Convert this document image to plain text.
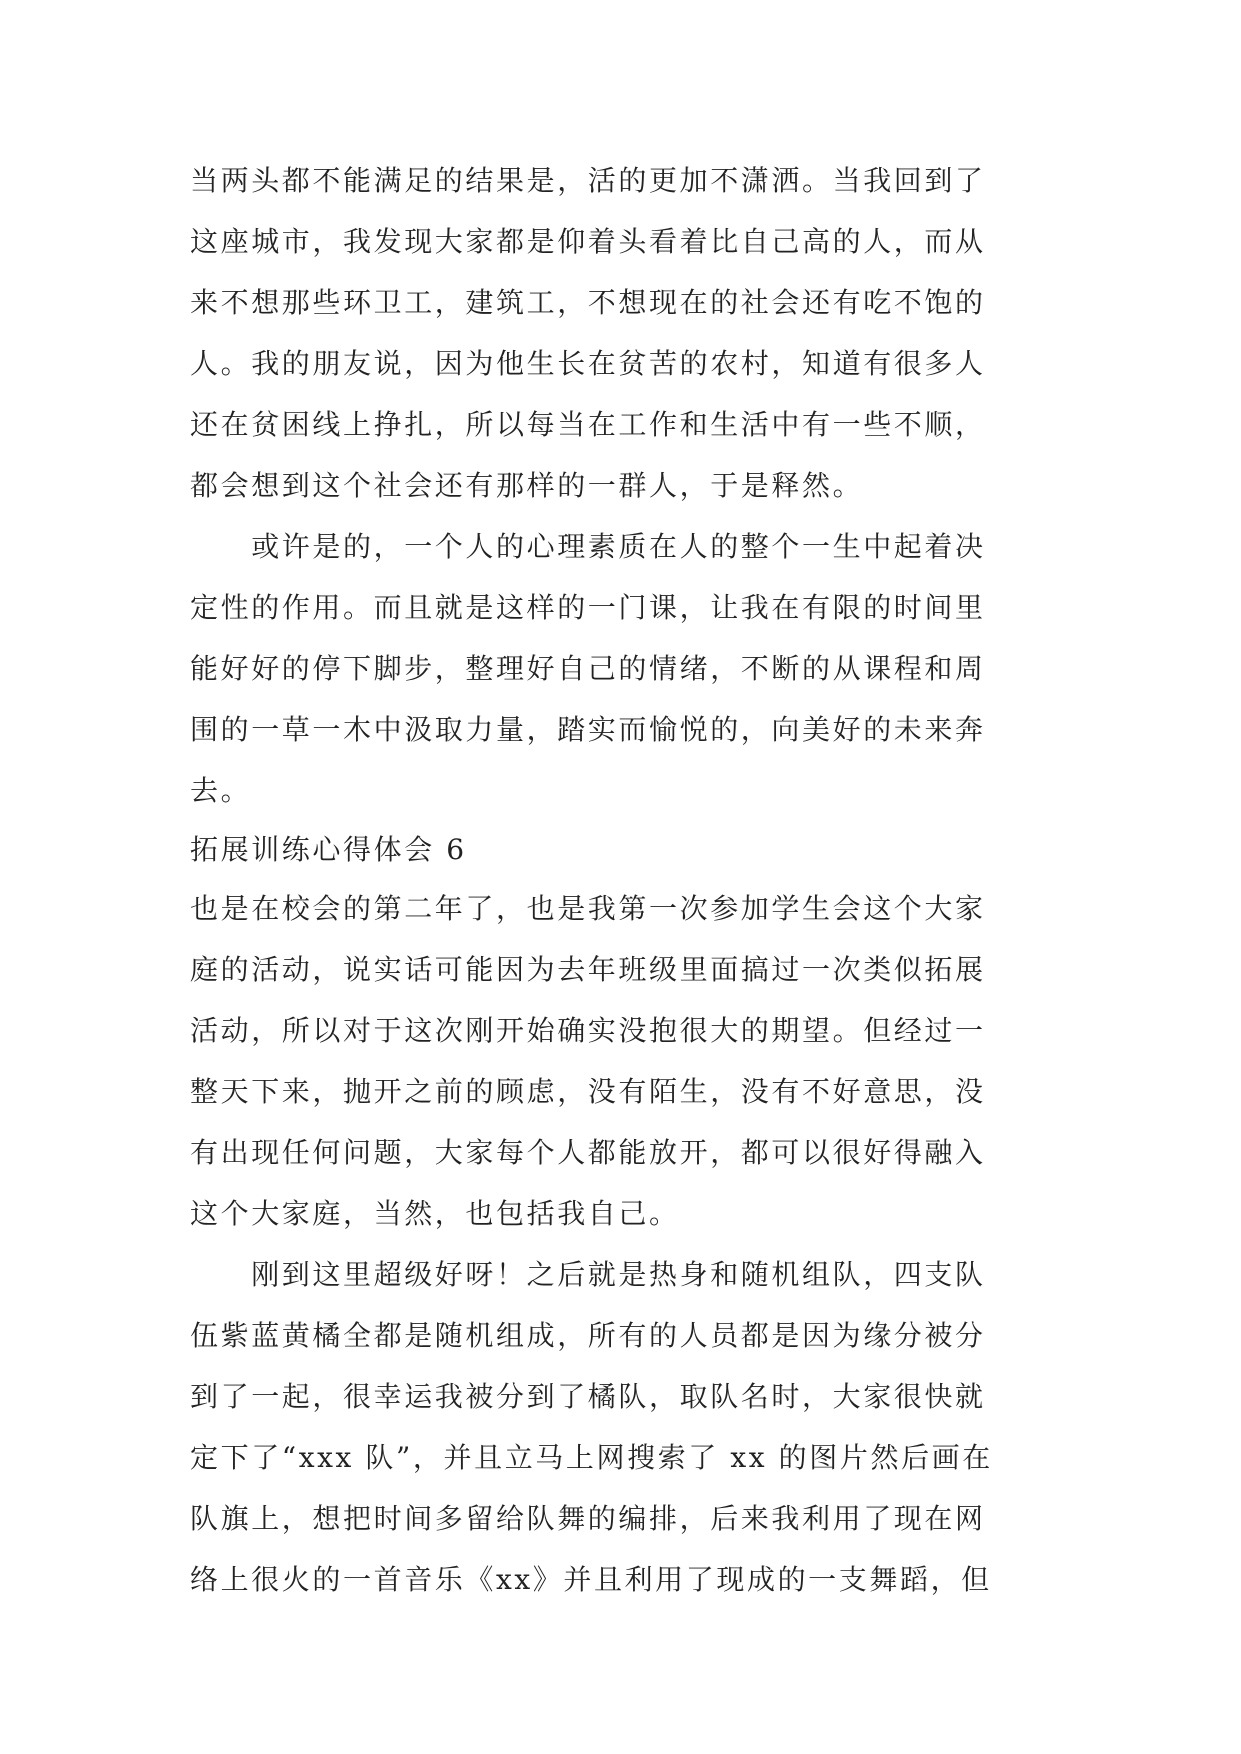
当两头都不能满足的结果是，活的更加不潇洒。当我回到了
这座城市，我发现大家都是仰着头看着比自己高的人，而从
来不想那些环卫工，建筑工，不想现在的社会还有吃不饱的
人。我的朋友说，因为他生长在贫苦的农村，知道有很多人
还在贫困线上挣扎，所以每当在工作和生活中有一些不顺，
都会想到这个社会还有那样的一群人，于是释然。
　　或许是的，一个人的心理素质在人的整个一生中起着决
定性的作用。而且就是这样的一门课，让我在有限的时间里
能好好的停下脚步，整理好自己的情绪，不断的从课程和周
围的一草一木中汲取力量，踏实而愉悦的，向美好的未来奔
去。
拓展训练心得体会 6
也是在校会的第二年了，也是我第一次参加学生会这个大家
庭的活动，说实话可能因为去年班级里面搞过一次类似拓展
活动，所以对于这次刚开始确实没抱很大的期望。但经过一
整天下来，抛开之前的顾虑，没有陌生，没有不好意思，没
有出现任何问题，大家每个人都能放开，都可以很好得融入
这个大家庭，当然，也包括我自己。
　　刚到这里超级好呀！之后就是热身和随机组队，四支队
伍紫蓝黄橘全都是随机组成，所有的人员都是因为缘分被分
到了一起，很幸运我被分到了橘队，取队名时，大家很快就
定下了“xxx 队”，并且立马上网搜索了 xx 的图片然后画在
队旗上，想把时间多留给队舞的编排，后来我利用了现在网
络上很火的一首音乐《xx》并且利用了现成的一支舞蹈，但
